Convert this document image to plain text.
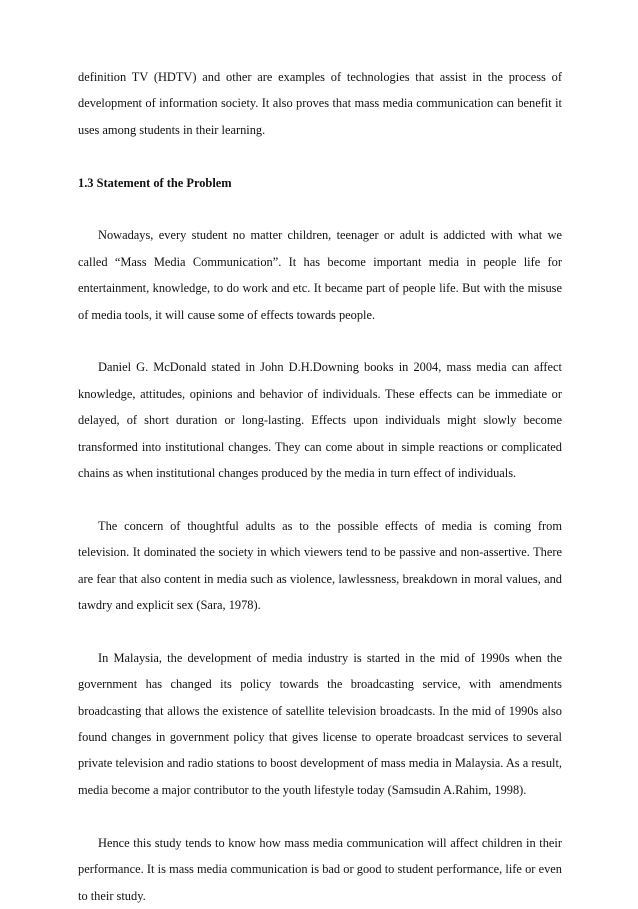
definition TV (HDTV) and other are examples of technologies that assist in the process of development of information society. It also proves that mass media communication can benefit it uses among students in their learning.

1.3 Statement of the Problem

Nowadays, every student no matter children, teenager or adult is addicted with what we called “Mass Media Communication”. It has become important media in people life for entertainment, knowledge, to do work and etc. It became part of people life. But with the misuse of media tools, it will cause some of effects towards people.

Daniel G. McDonald stated in John D.H.Downing books in 2004, mass media can affect knowledge, attitudes, opinions and behavior of individuals. These effects can be immediate or delayed, of short duration or long-lasting. Effects upon individuals might slowly become transformed into institutional changes. They can come about in simple reactions or complicated chains as when institutional changes produced by the media in turn effect of individuals.

The concern of thoughtful adults as to the possible effects of media is coming from television. It dominated the society in which viewers tend to be passive and non-assertive. There are fear that also content in media such as violence, lawlessness, breakdown in moral values, and tawdry and explicit sex (Sara, 1978).

In Malaysia, the development of media industry is started in the mid of 1990s when the government has changed its policy towards the broadcasting service, with amendments broadcasting that allows the existence of satellite television broadcasts. In the mid of 1990s also found changes in government policy that gives license to operate broadcast services to several private television and radio stations to boost development of mass media in Malaysia. As a result, media become a major contributor to the youth lifestyle today (Samsudin A.Rahim, 1998).

Hence this study tends to know how mass media communication will affect children in their performance. It is mass media communication is bad or good to student performance, life or even to their study.
